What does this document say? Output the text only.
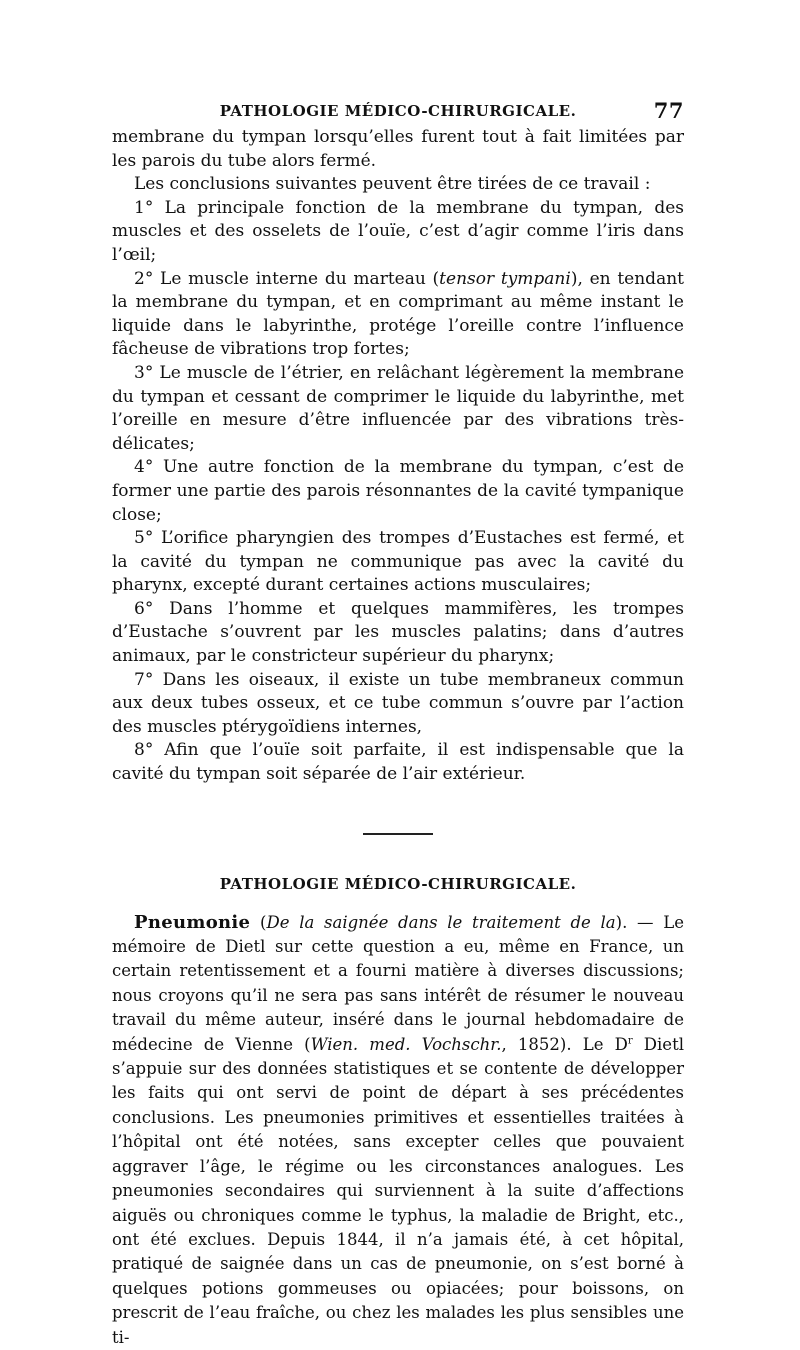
PATHOLOGIE MÉDICO-CHIRURGICALE.	77

membrane du tympan lorsqu’elles furent tout à fait limitées par les parois du tube alors fermé.

Les conclusions suivantes peuvent être tirées de ce travail :

1° La principale fonction de la membrane du tympan, des muscles et des osselets de l’ouïe, c’est d’agir comme l’iris dans l’œil;

2° Le muscle interne du marteau (tensor tympani), en tendant la membrane du tympan, et en comprimant au même instant le liquide dans le labyrinthe, protége l’oreille contre l’influence fâcheuse de vibrations trop fortes;

3° Le muscle de l’étrier, en relâchant légèrement la membrane du tympan et cessant de comprimer le liquide du labyrinthe, met l’oreille en mesure d’être influencée par des vibrations très-délicates;

4° Une autre fonction de la membrane du tympan, c’est de former une partie des parois résonnantes de la cavité tympanique close;

5° L’orifice pharyngien des trompes d’Eustaches est fermé, et la cavité du tympan ne communique pas avec la cavité du pharynx, excepté durant certaines actions musculaires;

6° Dans l’homme et quelques mammifères, les trompes d’Eustache s’ouvrent par les muscles palatins; dans d’autres animaux, par le constricteur supérieur du pharynx;

7° Dans les oiseaux, il existe un tube membraneux commun aux deux tubes osseux, et ce tube commun s’ouvre par l’action des muscles ptérygoïdiens internes,

8° Afin que l’ouïe soit parfaite, il est indispensable que la cavité du tympan soit séparée de l’air extérieur.

PATHOLOGIE MÉDICO-CHIRURGICALE.

Pneumonie (De la saignée dans le traitement de la). — Le mémoire de Dietl sur cette question a eu, même en France, un certain retentissement et a fourni matière à diverses discussions; nous croyons qu’il ne sera pas sans intérêt de résumer le nouveau travail du même auteur, inséré dans le journal hebdomadaire de médecine de Vienne (Wien. med. Vochschr., 1852). Le $D^r$ Dietl s’appuie sur des données statistiques et se contente de développer les faits qui ont servi de point de départ à ses précédentes conclusions. Les pneumonies primitives et essentielles traitées à l’hôpital ont été notées, sans excepter celles que pouvaient aggraver l’âge, le régime ou les circonstances analogues. Les pneumonies secondaires qui surviennent à la suite d’affections aiguës ou chroniques comme le typhus, la maladie de Bright, etc., ont été exclues. Depuis 1844, il n’a jamais été, à cet hôpital, pratiqué de saignée dans un cas de pneumonie, on s’est borné à quelques potions gommeuses ou opiacées; pour boissons, on prescrit de l’eau fraîche, ou chez les malades les plus sensibles une ti-
